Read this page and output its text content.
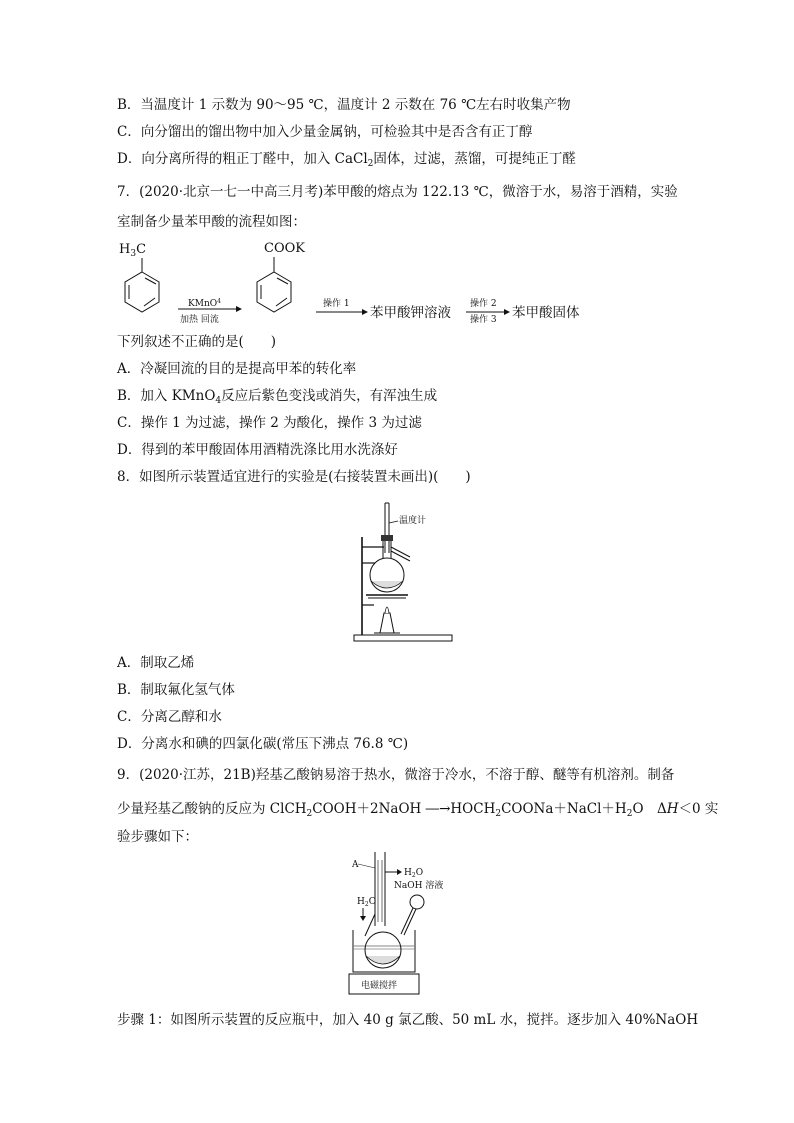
B．当温度计 1 示数为 90～95 ℃，温度计 2 示数在 76 ℃左右时收集产物
C．向分馏出的馏出物中加入少量金属钠，可检验其中是否含有正丁醇
D．向分离所得的粗正丁醛中，加入 CaCl$_2$固体，过滤，蒸馏，可提纯正丁醛
7．(2020·北京一七一中高三月考)苯甲酸的熔点为 122.13 ℃，微溶于水，易溶于酒精，实验
室制备少量苯甲酸的流程如图：
$H_3C$
KMnO$^4$
加热 回流
COOK
操作 1
苯甲酸钾溶液
操作 2
操作 3 苯甲酸固体
下列叙述不正确的是(　　)
A．冷凝回流的目的是提高甲苯的转化率
B．加入 KMnO$_4$反应后紫色变浅或消失，有浑浊生成
C．操作 1 为过滤，操作 2 为酸化，操作 3 为过滤
D．得到的苯甲酸固体用酒精洗涤比用水洗涤好
8．如图所示装置适宜进行的实验是(右接装置未画出)(　　)
温度计
A．制取乙烯
B．制取氟化氢气体
C．分离乙醇和水
D．分离水和碘的四氯化碳(常压下沸点 76.8 ℃)
9．(2020·江苏，21B)羟基乙酸钠易溶于热水，微溶于冷水，不溶于醇、醚等有机溶剂。制备
少量羟基乙酸钠的反应为 ClCH$_2$COOH＋2NaOH $―\to HOCH_2COONa+NaCl+H_2O$　ΔH＜0 实
验步骤如下：
A
$H_2O$
NaOH 溶液
$H_2O$
电磁搅拌
步骤 1：如图所示装置的反应瓶中，加入 40 g 氯乙酸、50 mL 水，搅拌。逐步加入 40%NaOH
